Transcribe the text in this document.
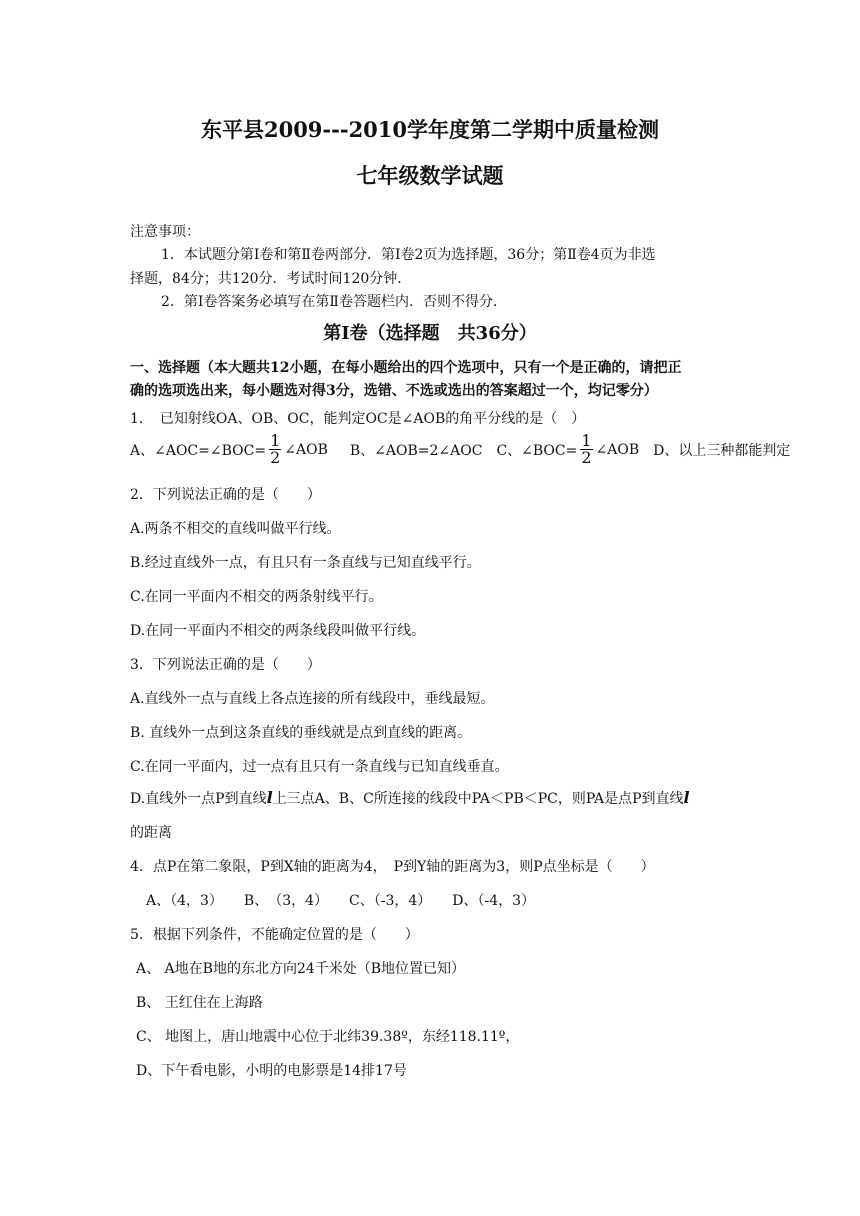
东平县2009---2010学年度第二学期中质量检测
七年级数学试题
注意事项：
1．本试题分第Ⅰ卷和第Ⅱ卷两部分．第Ⅰ卷2页为选择题，36分；第Ⅱ卷4页为非选
择题，84分；共120分．考试时间120分钟．
2．第Ⅰ卷答案务必填写在第Ⅱ卷答题栏内．否则不得分．
第Ⅰ卷（选择题　共36分）
一、选择题（本大题共12小题，在每小题给出的四个选项中，只有一个是正确的，请把正
确的选项选出来，每小题选对得3分，选错、不选或选出的答案超过一个，均记零分）
1．　已知射线OA、OB、OC，能判定OC是∠AOB的角平分线的是（　）
A、∠AOC=∠BOC= $\frac{1}{2}$ ∠AOB B、∠AOB=2∠AOC C、∠BOC= $\frac{1}{2}$ ∠AOB D、以上三种都能判定
2．下列说法正确的是（　　）
A.两条不相交的直线叫做平行线。
B.经过直线外一点，有且只有一条直线与已知直线平行。
C.在同一平面内不相交的两条射线平行。
D.在同一平面内不相交的两条线段叫做平行线。
3．下列说法正确的是（　　）
A.直线外一点与直线上各点连接的所有线段中，垂线最短。
B. 直线外一点到这条直线的垂线就是点到直线的距离。
C.在同一平面内，过一点有且只有一条直线与已知直线垂直。
D.直线外一点P到直线l上三点A、B、C所连接的线段中PA＜PB＜PC，则PA是点P到直线l
的距离
4．点P在第二象限，P到X轴的距离为4，　P到Y轴的距离为3，则P点坐标是（　　）
A、（4，3）　　B、　（3，4）　　C、（-3，4）　　D、（-4，3）
5．根据下列条件，不能确定位置的是（　　）
A、 A地在B地的东北方向24千米处（B地位置已知）
B、 王红住在上海路
C、 地图上，唐山地震中心位于北纬39.38º，东经118.11º，
D、下午看电影，小明的电影票是14排17号
